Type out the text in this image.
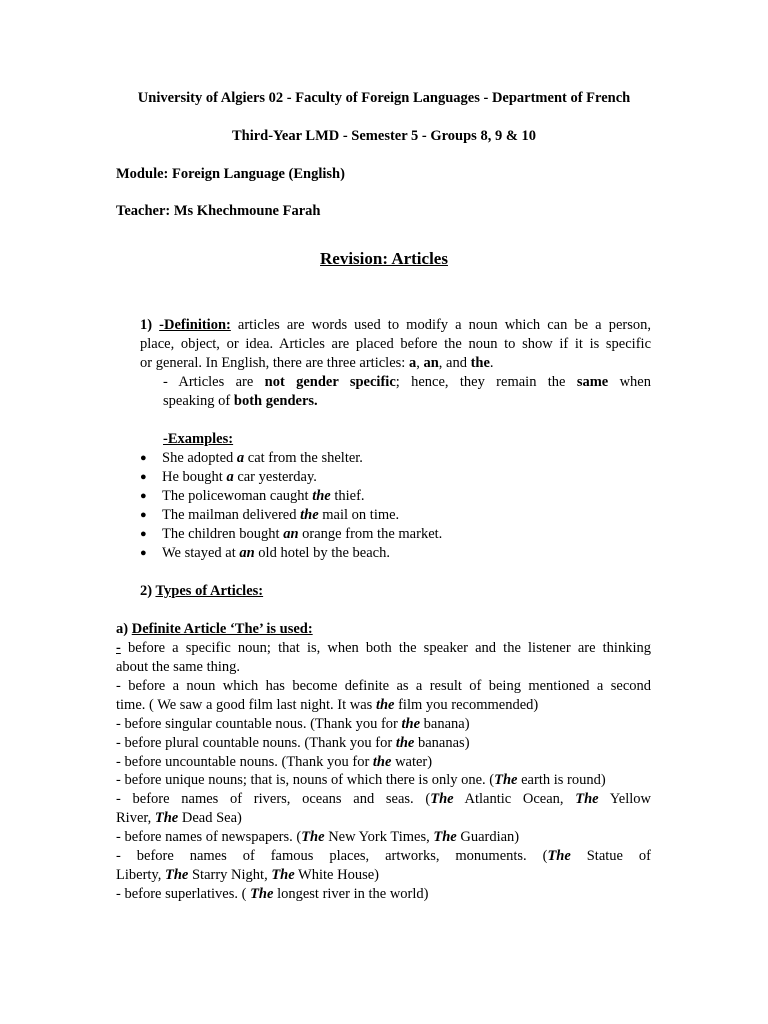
University of Algiers 02 - Faculty of Foreign Languages - Department of French
Third-Year LMD - Semester 5 - Groups 8, 9 & 10
Module: Foreign Language (English)
Teacher: Ms Khechmoune Farah
Revision: Articles
1) -Definition: articles are words used to modify a noun which can be a person,
place, object, or idea. Articles are placed before the noun to show if it is specific
or general. In English, there are three articles: a, an, and the.
- Articles are not gender specific; hence, they remain the same when
speaking of both genders.
-Examples:
● She adopted a cat from the shelter.
● He bought a car yesterday.
● The policewoman caught the thief.
● The mailman delivered the mail on time.
● The children bought an orange from the market.
● We stayed at an old hotel by the beach.
2) Types of Articles:
a) Definite Article ‘The’ is used:
- before a specific noun; that is, when both the speaker and the listener are thinking
about the same thing.
- before a noun which has become definite as a result of being mentioned a second
time. ( We saw a good film last night. It was the film you recommended)
- before singular countable nous. (Thank you for the banana)
- before plural countable nouns. (Thank you for the bananas)
- before uncountable nouns. (Thank you for the water)
- before unique nouns; that is, nouns of which there is only one. (The earth is round)
- before names of rivers, oceans and seas. (The Atlantic Ocean, The Yellow
River, The Dead Sea)
- before names of newspapers. (The New York Times, The Guardian)
- before names of famous places, artworks, monuments. (The Statue of
Liberty, The Starry Night, The White House)
- before superlatives. ( The longest river in the world)
